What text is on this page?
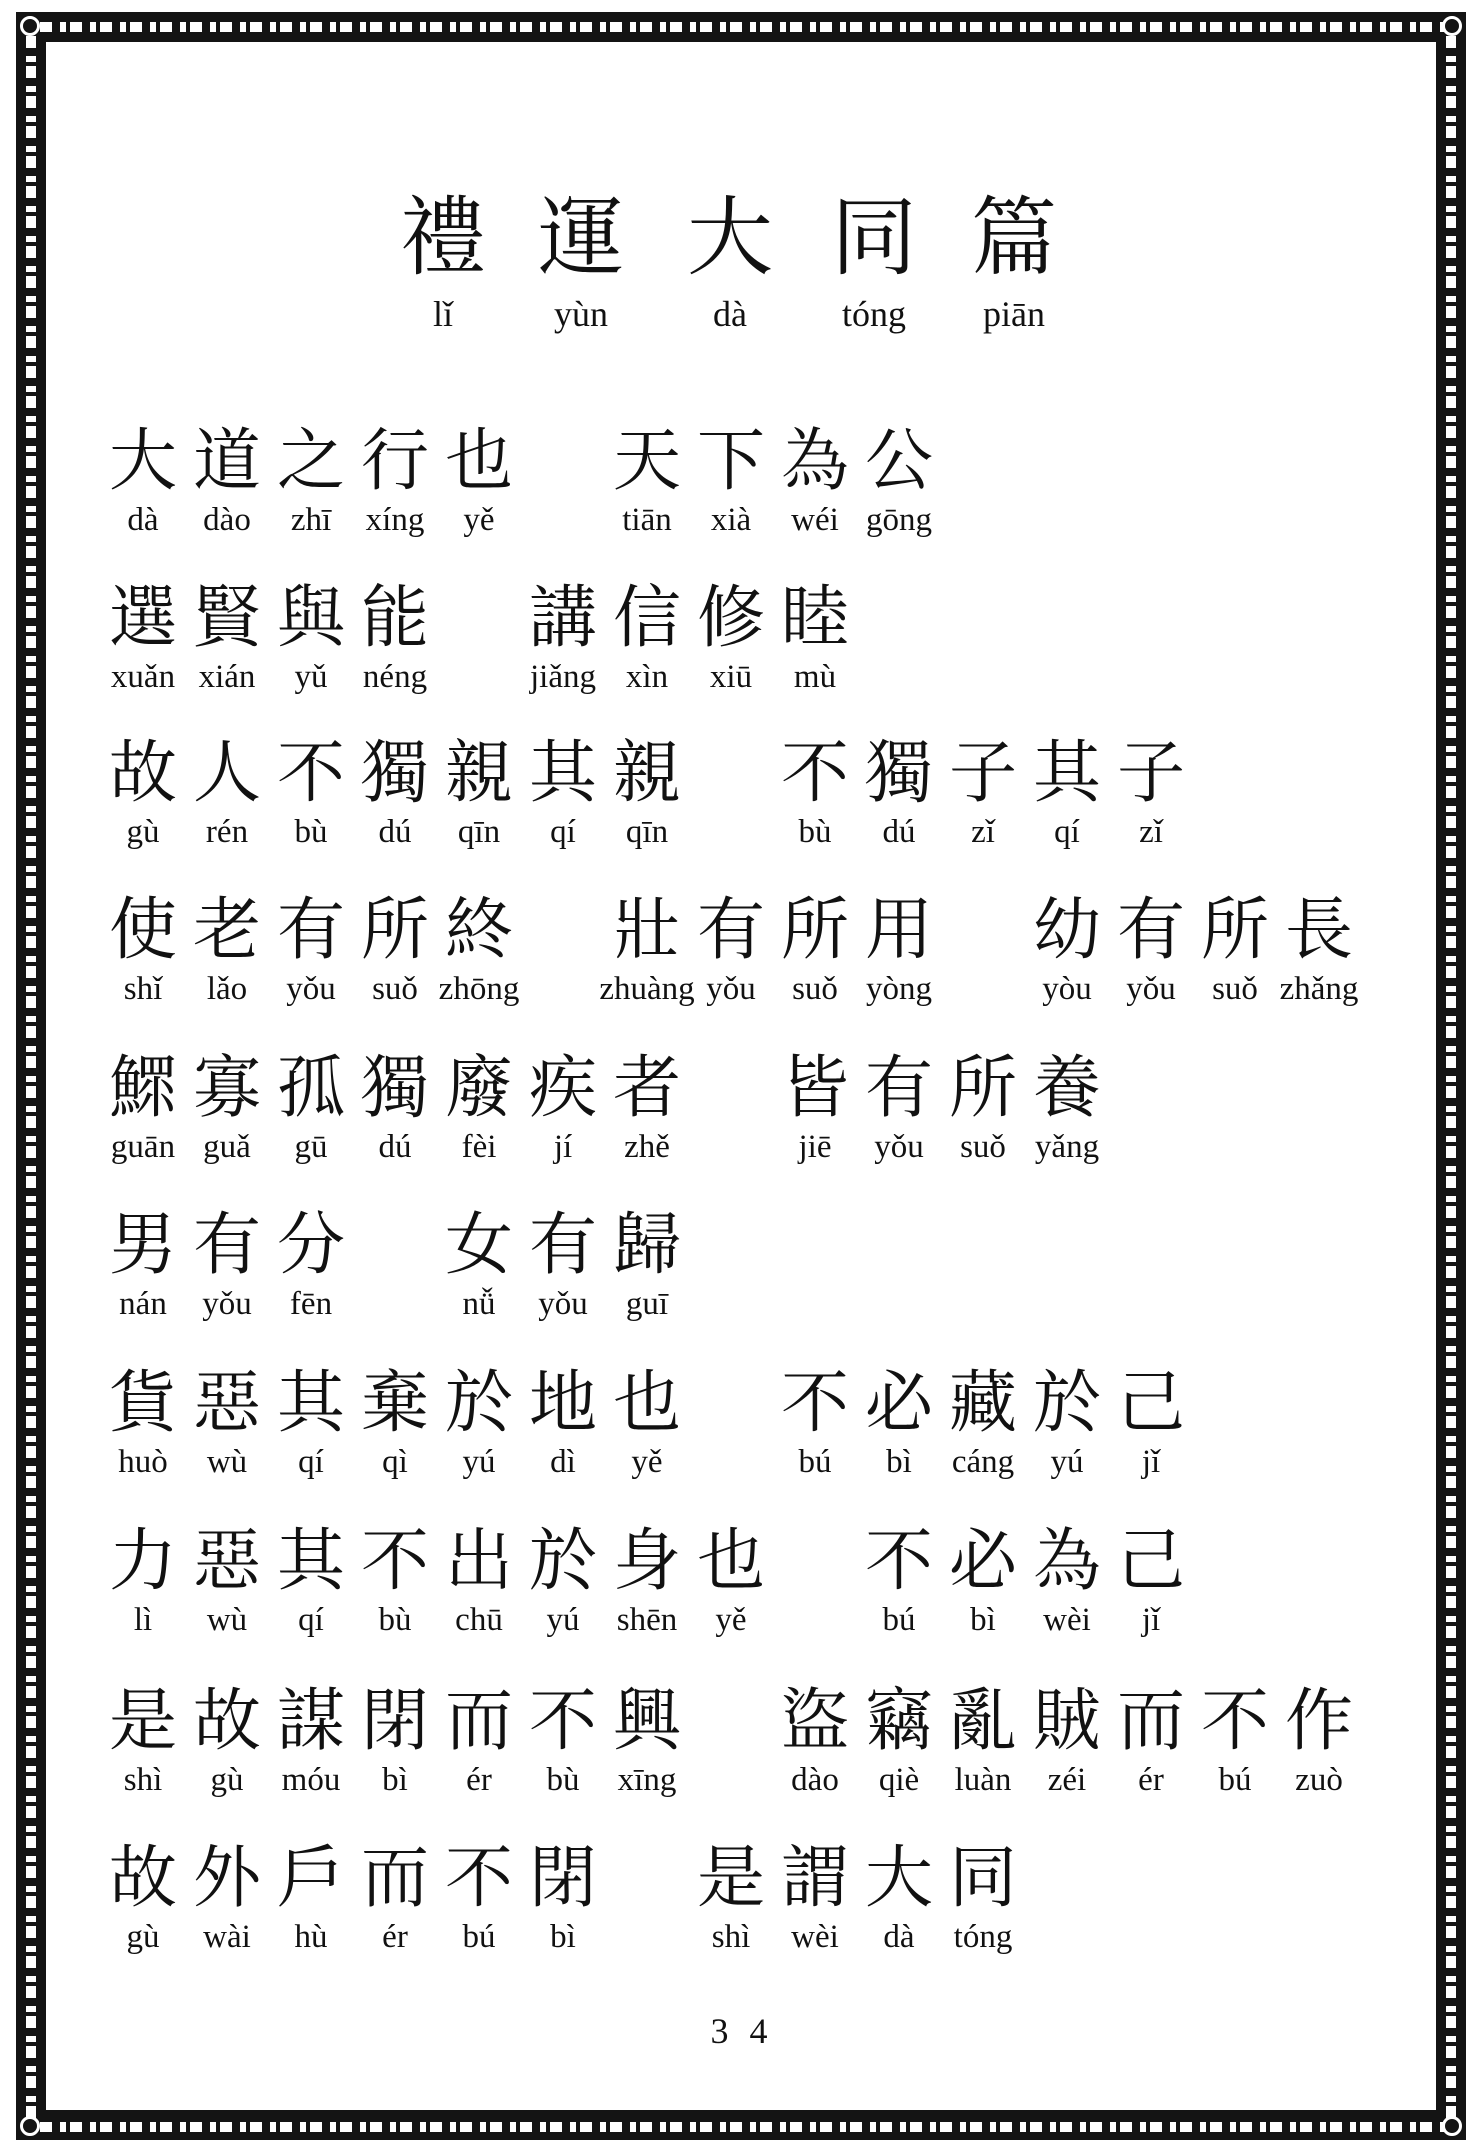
禮
lǐ
運
yùn
大
dà
同
tóng
篇
piān
大
dà
道
dào
之
zhī
行
xíng
也
yě
天
tiān
下
xià
為
wéi
公
gōng
選
xuǎn
賢
xián
與
yǔ
能
néng
講
jiǎng
信
xìn
修
xiū
睦
mù
故
gù
人
rén
不
bù
獨
dú
親
qīn
其
qí
親
qīn
不
bù
獨
dú
子
zǐ
其
qí
子
zǐ
使
shǐ
老
lǎo
有
yǒu
所
suǒ
終
zhōng
壯
zhuàng
有
yǒu
所
suǒ
用
yòng
幼
yòu
有
yǒu
所
suǒ
長
zhǎng
鰥
guān
寡
guǎ
孤
gū
獨
dú
廢
fèi
疾
jí
者
zhě
皆
jiē
有
yǒu
所
suǒ
養
yǎng
男
nán
有
yǒu
分
fēn
女
nǚ
有
yǒu
歸
guī
貨
huò
惡
wù
其
qí
棄
qì
於
yú
地
dì
也
yě
不
bú
必
bì
藏
cáng
於
yú
己
jǐ
力
lì
惡
wù
其
qí
不
bù
出
chū
於
yú
身
shēn
也
yě
不
bú
必
bì
為
wèi
己
jǐ
是
shì
故
gù
謀
móu
閉
bì
而
ér
不
bù
興
xīng
盜
dào
竊
qiè
亂
luàn
賊
zéi
而
ér
不
bú
作
zuò
故
gù
外
wài
戶
hù
而
ér
不
bú
閉
bì
是
shì
謂
wèi
大
dà
同
tóng
3 4
